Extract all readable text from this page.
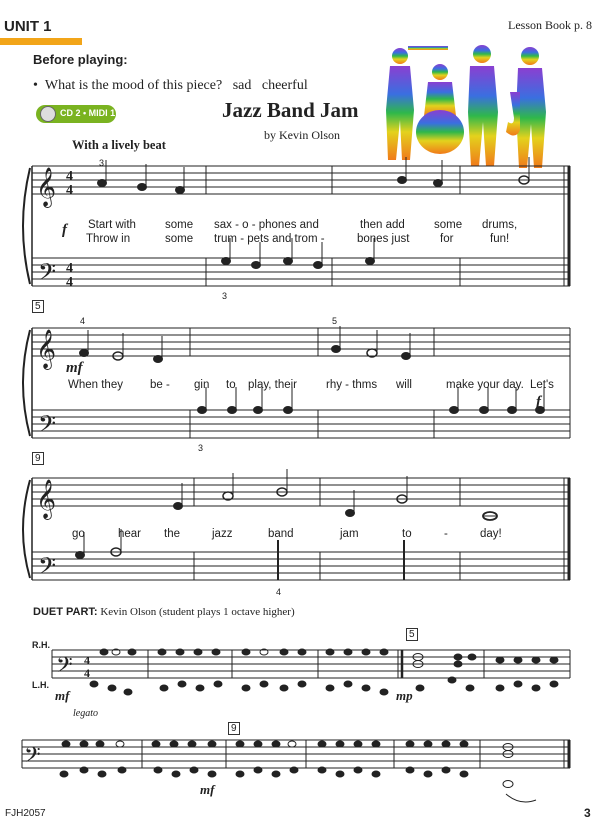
UNIT 1	Lesson Book p. 8
Before playing:
•  What is the mood of this piece? sad cheerful
CD 2 • MIDI 1	Jazz Band Jam
by Kevin Olson
With a lively beat
𝄞
𝄢
4
4
4
4
𝄞
𝄢
𝄞
𝄢
𝄢 4
4
𝄢
Start with	some sax - o - phones and	then add	some drums,
Throw in	some trum - pets and trom -	bones just	for	fun!
f
3
3
5
4	5
3
mf
f
When they be - gin to play, their	rhy - thms will	make your day. Let's
9
4
go	hear the	jazz	band	jam	to	-	day!
DUET PART: Kevin Olson (student plays 1 octave higher)
R.H.
L.H.
mf
legato
mp
5
9
mf
FJH2057	3
